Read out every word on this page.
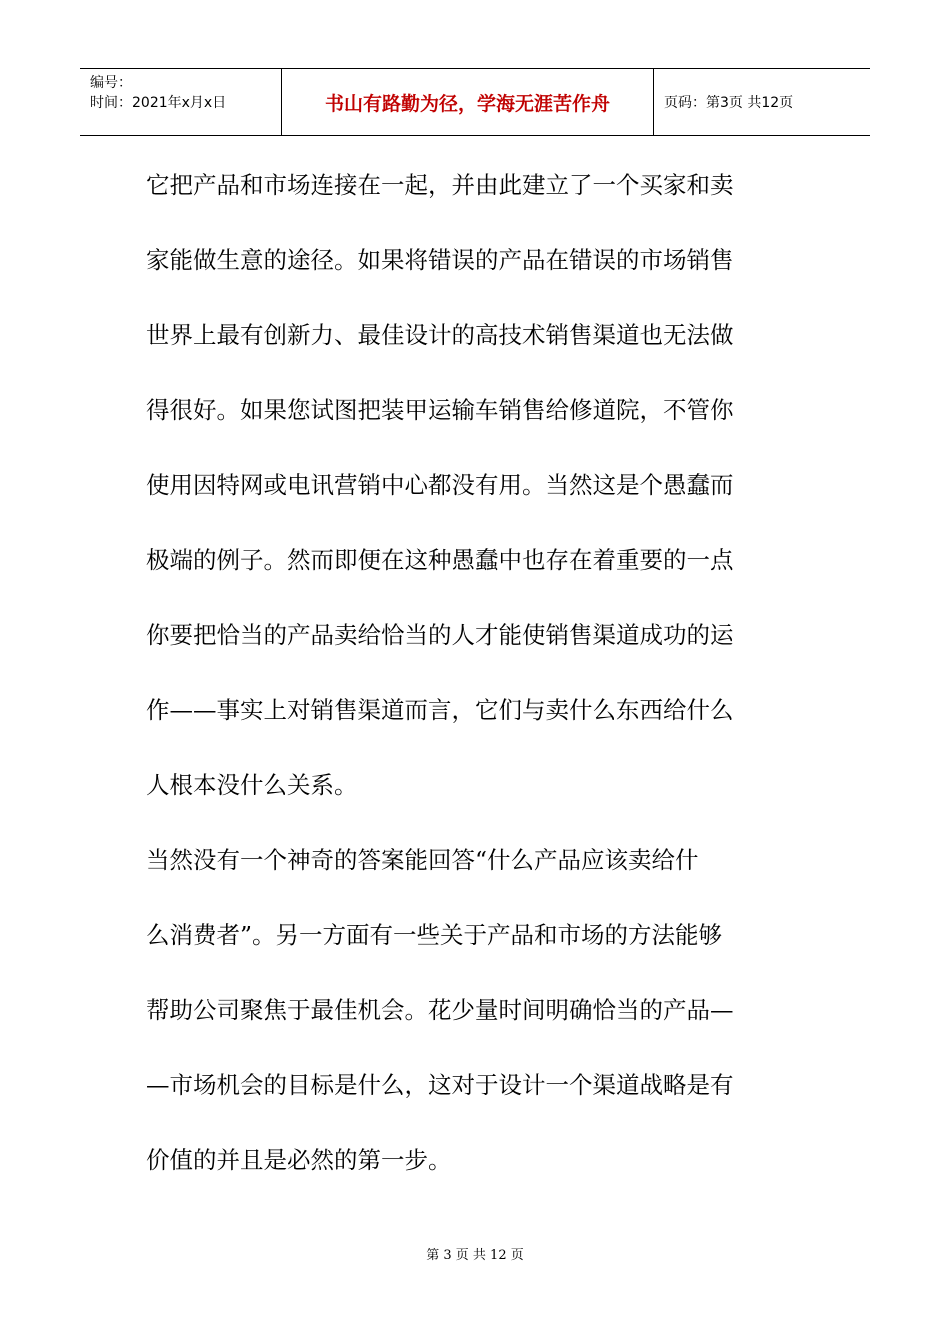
编号：
时间：2021年x月x日	书山有路勤为径，学海无涯苦作舟	页码：第3页 共12页
它把产品和市场连接在一起，并由此建立了一个买家和卖
家能做生意的途径。如果将错误的产品在错误的市场销售
世界上最有创新力、最佳设计的高技术销售渠道也无法做
得很好。如果您试图把装甲运输车销售给修道院，不管你
使用因特网或电讯营销中心都没有用。当然这是个愚蠢而
极端的例子。然而即便在这种愚蠢中也存在着重要的一点
你要把恰当的产品卖给恰当的人才能使销售渠道成功的运
作——事实上对销售渠道而言，它们与卖什么东西给什么
人根本没什么关系。
当然没有一个神奇的答案能回答“什么产品应该卖给什
么消费者”。另一方面有一些关于产品和市场的方法能够
帮助公司聚焦于最佳机会。花少量时间明确恰当的产品—
—市场机会的目标是什么，这对于设计一个渠道战略是有
价值的并且是必然的第一步。
第 3 页 共 12 页
